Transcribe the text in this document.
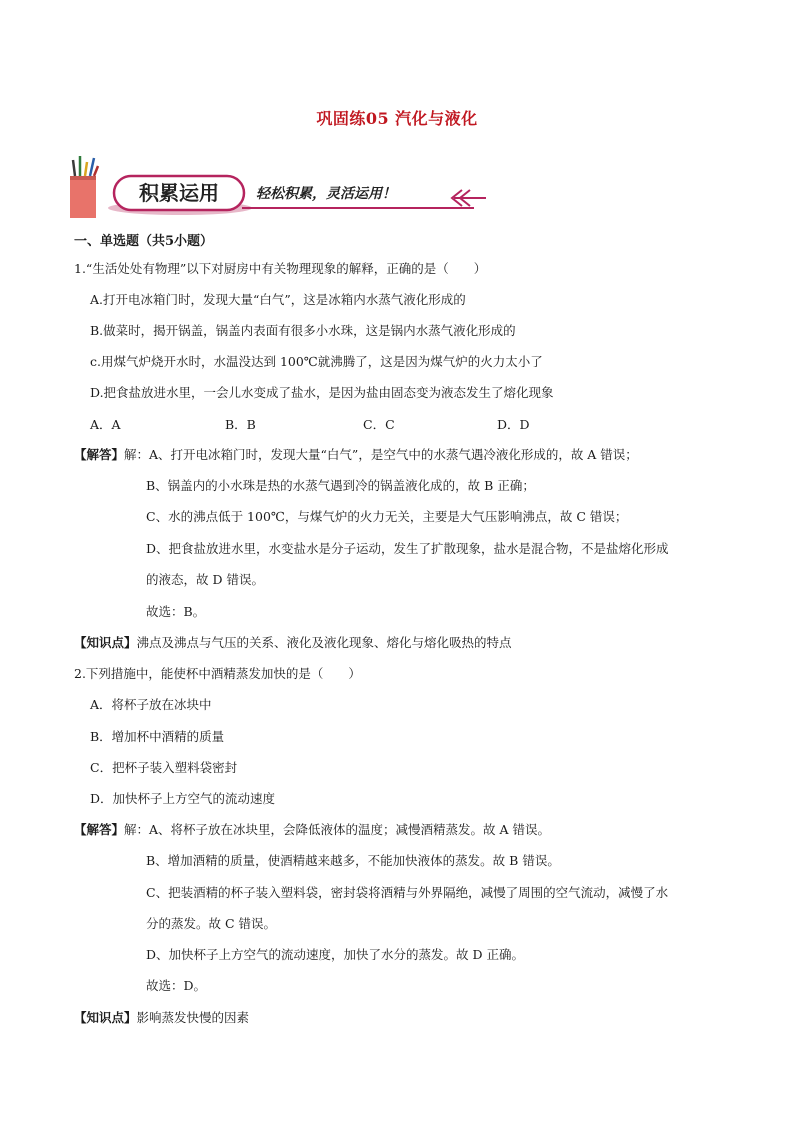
巩固练05 汽化与液化
积累运用	轻松积累，灵活运用！
一、单选题（共5小题）
1.“生活处处有物理”以下对厨房中有关物理现象的解释，正确的是（　　）
A.打开电冰箱门时，发现大量“白气”，这是冰箱内水蒸气液化形成的
B.做菜时，揭开锅盖，锅盖内表面有很多小水珠，这是锅内水蒸气液化形成的
c.用煤气炉烧开水时，水温没达到 100℃就沸腾了，这是因为煤气炉的火力太小了
D.把食盐放进水里，一会儿水变成了盐水，是因为盐由固态变为液态发生了熔化现象
A．A	B．B	C．C	D．D
【解答】解：A、打开电冰箱门时，发现大量“白气”，是空气中的水蒸气遇冷液化形成的，故 A 错误；
B、锅盖内的小水珠是热的水蒸气遇到冷的锅盖液化成的，故 B 正确；
C、水的沸点低于 100℃，与煤气炉的火力无关，主要是大气压影响沸点，故 C 错误；
D、把食盐放进水里，水变盐水是分子运动，发生了扩散现象，盐水是混合物，不是盐熔化形成
的液态，故 D 错误。
故选：B。
【知识点】沸点及沸点与气压的关系、液化及液化现象、熔化与熔化吸热的特点
2.下列措施中，能使杯中酒精蒸发加快的是（　　）
A．将杯子放在冰块中
B．增加杯中酒精的质量
C．把杯子装入塑料袋密封
D．加快杯子上方空气的流动速度
【解答】解：A、将杯子放在冰块里，会降低液体的温度；减慢酒精蒸发。故 A 错误。
B、增加酒精的质量，使酒精越来越多，不能加快液体的蒸发。故 B 错误。
C、把装酒精的杯子装入塑料袋，密封袋将酒精与外界隔绝，减慢了周围的空气流动，减慢了水
分的蒸发。故 C 错误。
D、加快杯子上方空气的流动速度，加快了水分的蒸发。故 D 正确。
故选：D。
【知识点】影响蒸发快慢的因素
